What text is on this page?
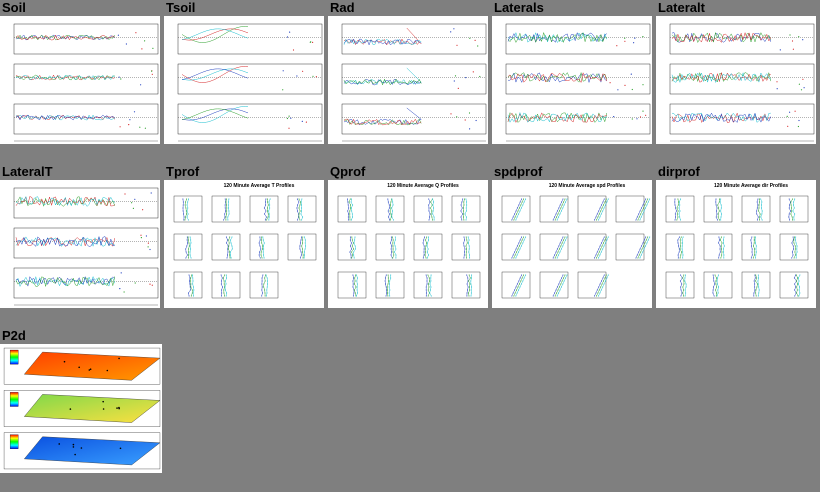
Soil	Tsoil	Rad	Laterals	Lateralt
LateralT	Tprof
120 Minute Average T Profiles
Qprof
120 Minute Average Q Profiles
spdprof
120 Minute Average spd Profiles
dirprof
120 Minute Average dir Profiles
P2d
